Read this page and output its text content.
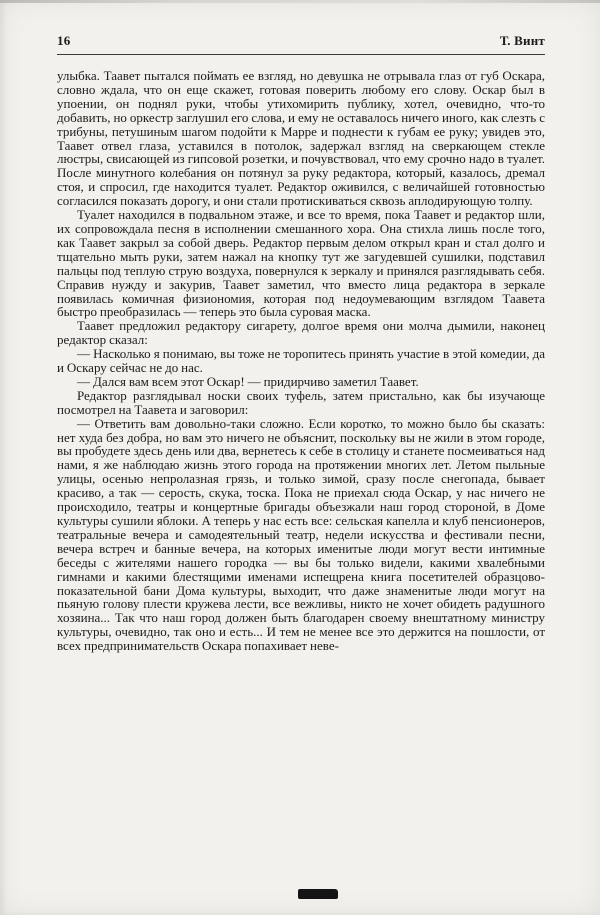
16	Т. Винт

улыбка. Таавет пытался поймать ее взгляд, но девушка не отрывала глаз от губ Оскара, словно ждала, что он еще скажет, готовая поверить любому его слову. Оскар был в упоении, он поднял руки, чтобы утихомирить публику, хотел, очевидно, что-то добавить, но оркестр заглушил его слова, и ему не оставалось ничего иного, как слезть с трибуны, петушиным шагом подойти к Марре и поднести к губам ее руку; увидев это, Таавет отвел глаза, уставился в потолок, задержал взгляд на сверкающем стекле люстры, свисающей из гипсовой розетки, и почувствовал, что ему срочно надо в туалет. После минутного колебания он потянул за руку редактора, который, казалось, дремал стоя, и спросил, где находится туалет. Редактор оживился, с величайшей готовностью согласился показать дорогу, и они стали протискиваться сквозь аплодирующую толпу.

Туалет находился в подвальном этаже, и все то время, пока Таавет и редактор шли, их сопровождала песня в исполнении смешанного хора. Она стихла лишь после того, как Таавет закрыл за собой дверь. Редактор первым делом открыл кран и стал долго и тщательно мыть руки, затем нажал на кнопку тут же загудевшей сушилки, подставил пальцы под теплую струю воздуха, повернулся к зеркалу и принялся разглядывать себя. Справив нужду и закурив, Таавет заметил, что вместо лица редактора в зеркале появилась комичная физиономия, которая под недоумевающим взглядом Таавета быстро преобразилась — теперь это была суровая маска.

Таавет предложил редактору сигарету, долгое время они молча дымили, наконец редактор сказал:

— Насколько я понимаю, вы тоже не торопитесь принять участие в этой комедии, да и Оскару сейчас не до нас.

— Дался вам всем этот Оскар! — придирчиво заметил Таавет.

Редактор разглядывал носки своих туфель, затем пристально, как бы изучающе посмотрел на Таавета и заговорил:

— Ответить вам довольно-таки сложно. Если коротко, то можно было бы сказать: нет худа без добра, но вам это ничего не объяснит, поскольку вы не жили в этом городе, вы пробудете здесь день или два, вернетесь к себе в столицу и станете посмеиваться над нами, я же наблюдаю жизнь этого города на протяжении многих лет. Летом пыльные улицы, осенью непролазная грязь, и только зимой, сразу после снегопада, бывает красиво, а так — серость, скука, тоска. Пока не приехал сюда Оскар, у нас ничего не происходило, театры и концертные бригады объезжали наш город стороной, в Доме культуры сушили яблоки. А теперь у нас есть все: сельская капелла и клуб пенсионеров, театральные вечера и самодеятельный театр, недели искусства и фестивали песни, вечера встреч и банные вечера, на которых именитые люди могут вести интимные беседы с жителями нашего городка — вы бы только видели, какими хвалебными гимнами и какими блестящими именами испещрена книга посетителей образцово-показательной бани Дома культуры, выходит, что даже знаменитые люди могут на пьяную голову плести кружева лести, все вежливы, никто не хочет обидеть радушного хозяина... Так что наш город должен быть благодарен своему внештатному министру культуры, очевидно, так оно и есть... И тем не менее все это держится на пошлости, от всех предпринимательств Оскара попахивает неве-
